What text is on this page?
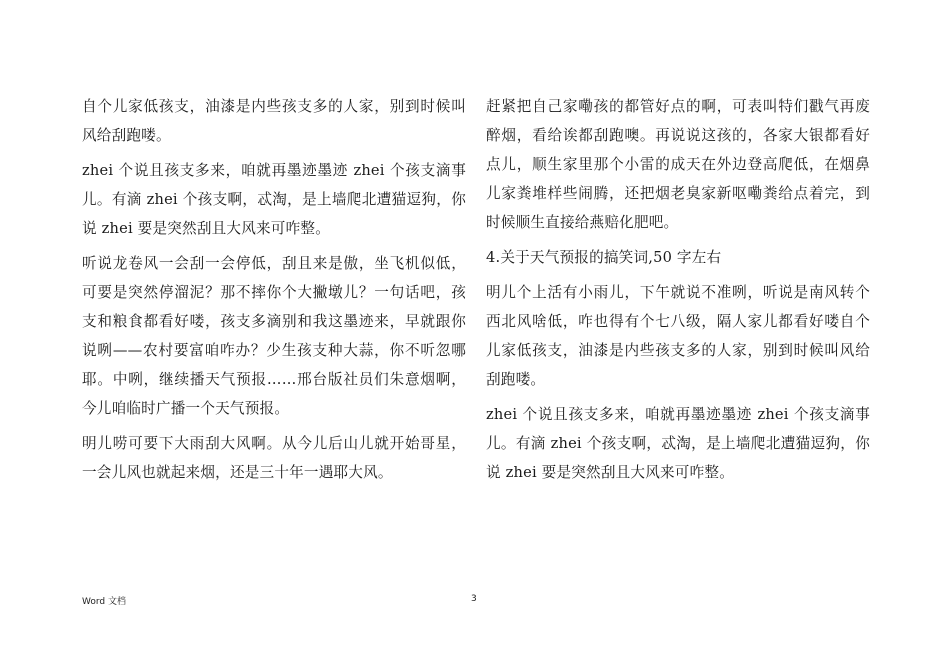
自个儿家低孩支，油漆是内些孩支多的人家，别到时候叫风给刮跑喽。

zhei 个说且孩支多来，咱就再墨迹墨迹 zhei 个孩支滴事儿。有滴 zhei 个孩支啊，忒淘，是上墙爬北遭猫逗狗，你说 zhei 要是突然刮且大风来可咋整。

听说龙卷风一会刮一会停低，刮且来是傲，坐飞机似低，可要是突然停溜泥？那不摔你个大撇墩儿？一句话吧，孩支和粮食都看好喽，孩支多滴别和我这墨迹来，早就跟你说咧——农村要富咱咋办？少生孩支种大蒜，你不听忽哪耶。中咧，继续播天气预报……邢台版社员们朱意烟啊，今儿咱临时广播一个天气预报。

明儿唠可要下大雨刮大风啊。从今儿后山儿就开始哥星，一会儿风也就起来烟，还是三十年一遇耶大风。

赶紧把自己家嘞孩的都管好点的啊，可表叫特们戳气再废醉烟，看给诶都刮跑噢。再说说这孩的，各家大银都看好点儿，顺生家里那个小雷的成天在外边登高爬低，在烟鼻儿家粪堆样些闹腾，还把烟老臭家新呕嘞粪给点着完，到时候顺生直接给燕赔化肥吧。

4.关于天气预报的搞笑词,50 字左右

明儿个上活有小雨儿，下午就说不准咧，听说是南风转个西北风啥低，咋也得有个七八级，隔人家儿都看好喽自个儿家低孩支，油漆是内些孩支多的人家，别到时候叫风给刮跑喽。

zhei 个说且孩支多来，咱就再墨迹墨迹 zhei 个孩支滴事儿。有滴 zhei 个孩支啊，忒淘，是上墙爬北遭猫逗狗，你说 zhei 要是突然刮且大风来可咋整。

Word 文档	3
